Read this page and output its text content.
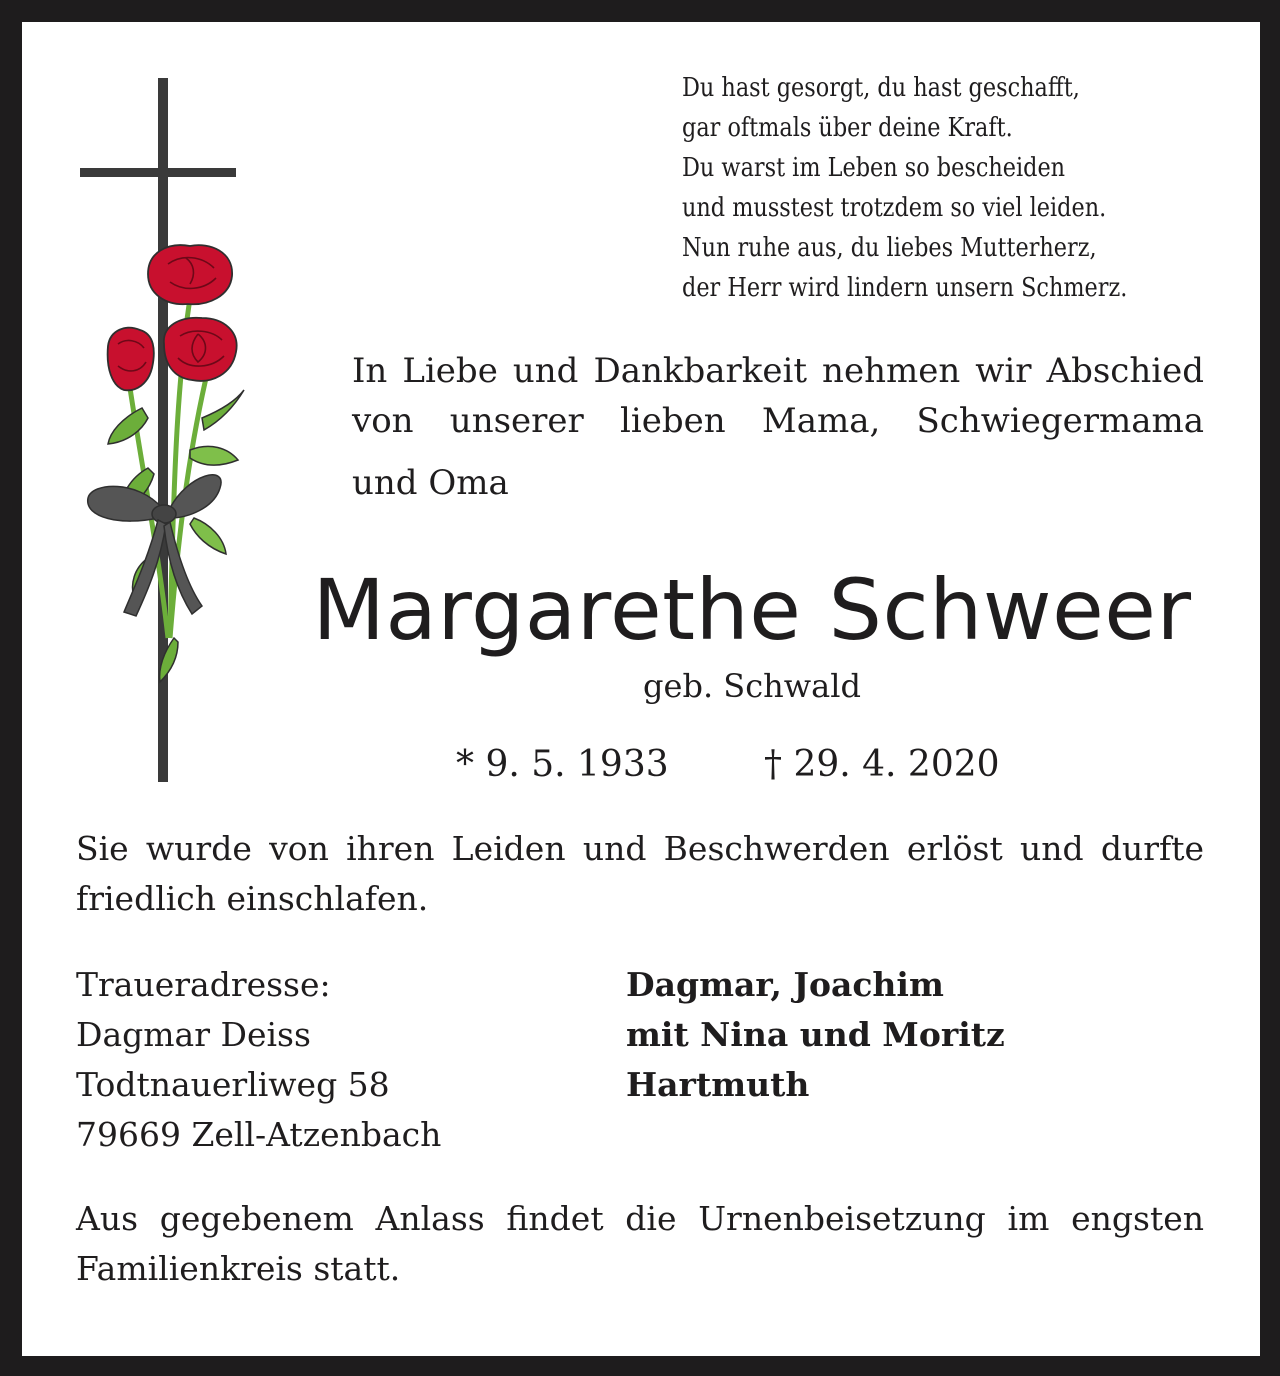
Du hast gesorgt, du hast geschafft,
gar oftmals über deine Kraft.
Du warst im Leben so bescheiden
und musstest trotzdem so viel leiden.
Nun ruhe aus, du liebes Mutterherz,
der Herr wird lindern unsern Schmerz.
In Liebe und Dankbarkeit nehmen wir Abschied
von unserer lieben Mama, Schwiegermama
und Oma
Margarethe Schweer
geb. Schwald
* 9. 5. 1933	† 29. 4. 2020
Sie wurde von ihren Leiden und Beschwerden erlöst und durfte friedlich einschlafen.
Traueradresse:
Dagmar Deiss
Todtnauerliweg 58
79669 Zell-Atzenbach
Dagmar, Joachim
mit Nina und Moritz
Hartmuth
Aus gegebenem Anlass findet die Urnenbeisetzung im engsten Familienkreis statt.
